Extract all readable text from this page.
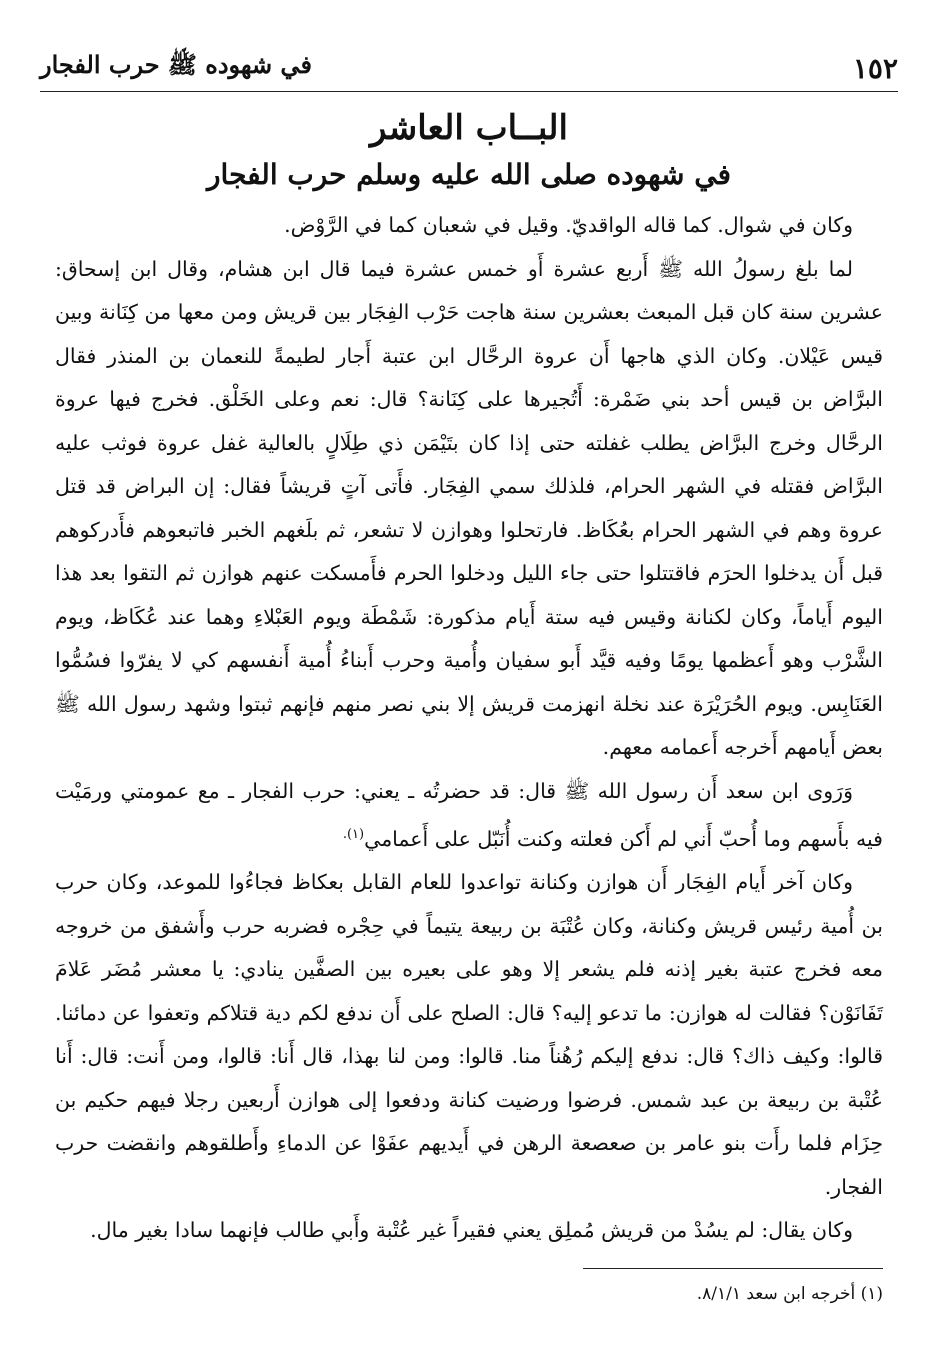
١٥٢
في شهوده ﷺ حرب الفجار
البــاب العاشر
في شهوده صلى الله عليه وسلم حرب الفجار

وكان في شوال. كما قاله الواقديّ. وقيل في شعبان كما في الرَّوْض.

لما بلغ رسولُ الله ﷺ أَربع عشرة أَو خمس عشرة فيما قال ابن هشام، وقال ابن إسحاق: عشرين سنة كان قبل المبعث بعشرين سنة هاجت حَرْب الفِجَار بين قريش ومن معها من كِنَانة وبين قيس عَيْلان. وكان الذي هاجها أَن عروة الرحَّال ابن عتبة أَجار لطيمةً للنعمان بن المنذر فقال البرَّاض بن قيس أحد بني ضَمْرة: أَتُجيرها على كِنَانة؟ قال: نعم وعلى الخَلْق. فخرج فيها عروة الرحَّال وخرج البرَّاض يطلب غفلته حتى إذا كان بتَيْمَن ذي طِلَالٍ بالعالية غفل عروة فوثب عليه البرَّاض فقتله في الشهر الحرام، فلذلك سمي الفِجَار. فأَتى آتٍ قريشاً فقال: إن البراض قد قتل عروة وهم في الشهر الحرام بعُكَاظ. فارتحلوا وهوازن لا تشعر، ثم بلَغهم الخبر فاتبعوهم فأَدركوهم قبل أَن يدخلوا الحرَم فاقتتلوا حتى جاء الليل ودخلوا الحرم فأَمسكت عنهم هوازن ثم التقوا بعد هذا اليوم أَياماً، وكان لكنانة وقيس فيه ستة أَيام مذكورة: شَمْطَة ويوم العَبْلاءِ وهما عند عُكَاظ، ويوم الشَّرْب وهو أَعظمها يومًا وفيه قيَّد أَبو سفيان وأُمية وحرب أَبناءُ أُمية أَنفسهم كي لا يفرّوا فسُمُّوا العَنَابِس. ويوم الحُرَيْرَة عند نخلة انهزمت قريش إلا بني نصر منهم فإنهم ثبتوا وشهد رسول الله ﷺ بعض أَيامهم أَخرجه أَعمامه معهم.

وَرَوى ابن سعد أَن رسول الله ﷺ قال: قد حضرتُه ـ يعني: حرب الفجار ـ مع عمومتي ورمَيْت فيه بأَسهم وما أُحبّ أَني لم أَكن فعلته وكنت أُنَبّل على أَعمامي$^{(١).}$

وكان آخر أَيام الفِجَار أَن هوازن وكنانة تواعدوا للعام القابل بعكاظ فجاءُوا للموعد، وكان حرب بن أُمية رئيس قريش وكنانة، وكان عُتْبَة بن ربيعة يتيماً في حِجْره فضربه حرب وأَشفق من خروجه معه فخرج عتبة بغير إذنه فلم يشعر إلا وهو على بعيره بين الصفَّين ينادي: يا معشر مُضَر عَلامَ تَفَانَوْن؟ فقالت له هوازن: ما تدعو إليه؟ قال: الصلح على أَن ندفع لكم دية قتلاكم وتعفوا عن دمائنا. قالوا: وكيف ذاك؟ قال: ندفع إليكم رُهُناً منا. قالوا: ومن لنا بهذا، قال أَنا: قالوا، ومن أَنت: قال: أَنا عُتْبة بن ربيعة بن عبد شمس. فرضوا ورضيت كنانة ودفعوا إلى هوازن أَربعين رجلا فيهم حكيم بن حِزَام فلما رأَت بنو عامر بن صعصعة الرهن في أَيديهم عفَوْا عن الدماءِ وأَطلقوهم وانقضت حرب الفجار.

وكان يقال: لم يسُدْ من قريش مُملِق يعني فقيراً غير عُتْبة وأَبي طالب فإنهما سادا بغير مال.

(١) أخرجه ابن سعد ٨/١/١.
